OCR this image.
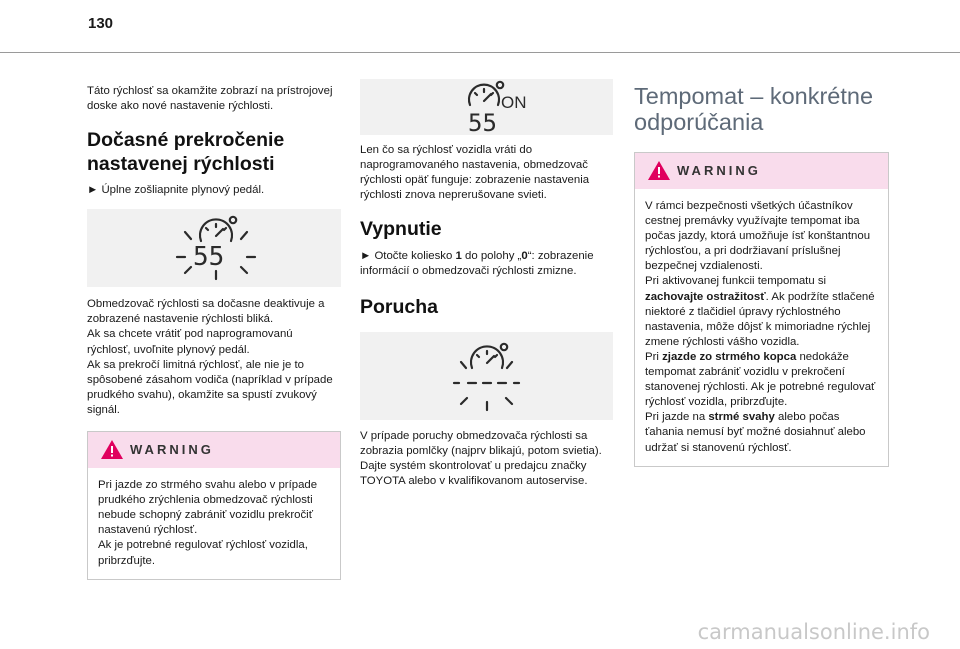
130

Táto rýchlosť sa okamžite zobrazí na prístrojovej doske ako nové nastavenie rýchlosti.

Dočasné prekročenie nastavenej rýchlosti

► Úplne zošliapnite plynový pedál.

55

Obmedzovač rýchlosti sa dočasne deaktivuje a

zobrazené nastavenie rýchlosti bliká.

Ak sa chcete vrátiť pod naprogramovanú

rýchlosť, uvoľnite plynový pedál.

Ak sa prekročí limitná rýchlosť, ale nie je to

spôsobené zásahom vodiča (napríklad v prípade

prudkého svahu), okamžite sa spustí zvukový

signál.

WARNING

Pri jazde zo strmého svahu alebo v prípade

prudkého zrýchlenia obmedzovač rýchlosti

nebude schopný zabrániť vozidlu prekročiť

nastavenú rýchlosť.

Ak je potrebné regulovať rýchlosť vozidla,

pribrzďujte.

ON
55

Len čo sa rýchlosť vozidla vráti do

naprogramovaného nastavenia, obmedzovač

rýchlosti opäť funguje: zobrazenie nastavenia

rýchlosti znova neprerušovane svieti.

Vypnutie

► Otočte koliesko 1 do polohy „0“: zobrazenie

informácií o obmedzovači rýchlosti zmizne.

Porucha

V prípade poruchy obmedzovača rýchlosti sa

zobrazia pomlčky (najprv blikajú, potom svietia).

Dajte systém skontrolovať u predajcu značky

TOYOTA alebo v kvalifikovanom autoservise.

Tempomat – konkrétne
odporúčania
WARNING

V rámci bezpečnosti všetkých účastníkov

cestnej premávky využívajte tempomat iba

počas jazdy, ktorá umožňuje ísť konštantnou

rýchlosťou, a pri dodržiavaní príslušnej

bezpečnej vzdialenosti.

Pri aktivovanej funkcii tempomatu si

zachovajte ostražitosť. Ak podržíte stlačené

niektoré z tlačidiel úpravy rýchlostného

nastavenia, môže dôjsť k mimoriadne rýchlej

zmene rýchlosti vášho vozidla.

Pri zjazde zo strmého kopca nedokáže

tempomat zabrániť vozidlu v prekročení

stanovenej rýchlosti. Ak je potrebné regulovať

rýchlosť vozidla, pribrzďujte.

Pri jazde na strmé svahy alebo počas

ťahania nemusí byť možné dosiahnuť alebo

udržať si stanovenú rýchlosť.

carmanualsonline.info
